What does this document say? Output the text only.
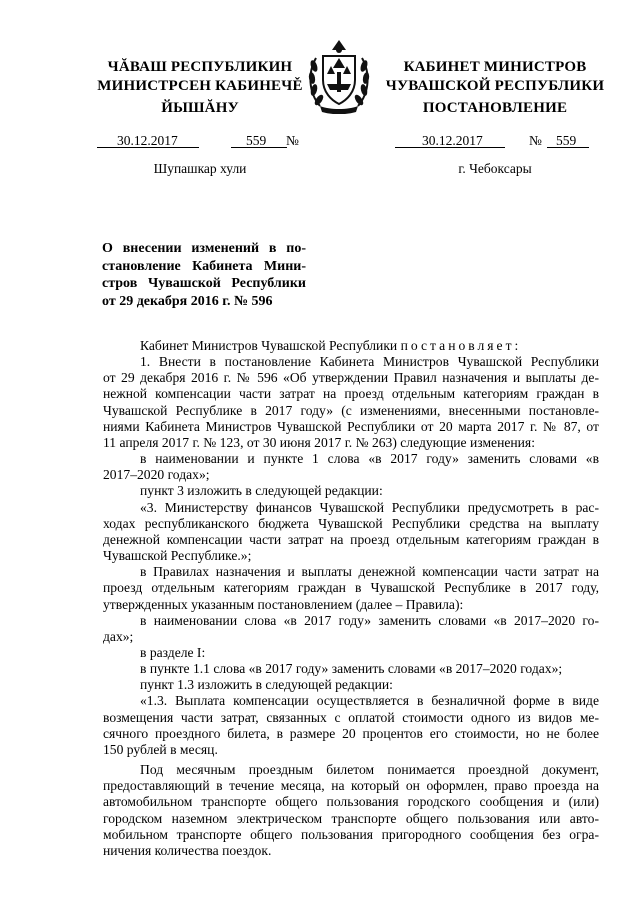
ЧĂВАШ РЕСПУБЛИКИН
МИНИСТРСЕН КАБИНЕЧĚ
ЙЫШĂНУ
КАБИНЕТ МИНИСТРОВ
ЧУВАШСКОЙ РЕСПУБЛИКИ
ПОСТАНОВЛЕНИЕ
30.12.2017	559 №	30.12.2017	№ 559
Шупашкар хули	г. Чебоксары
О внесении изменений в по-
становление Кабинета Мини-
стров Чувашской Республики
от 29 декабря 2016 г. № 596

Кабинет Министров Чувашской Республики постановляет:

1. Внести в постановление Кабинета Министров Чувашской Республики

от 29 декабря 2016 г. № 596 «Об утверждении Правил назначения и выплаты де-

нежной компенсации части затрат на проезд отдельным категориям граждан в

Чувашской Республике в 2017 году» (с изменениями, внесенными постановле-

ниями Кабинета Министров Чувашской Республики от 20 марта 2017 г. № 87, от

11 апреля 2017 г. № 123, от 30 июня 2017 г. № 263) следующие изменения:

в наименовании и пункте 1 слова «в 2017 году» заменить словами «в

2017–2020 годах»;

пункт 3 изложить в следующей редакции:

«3. Министерству финансов Чувашской Республики предусмотреть в рас-

ходах республиканского бюджета Чувашской Республики средства на выплату

денежной компенсации части затрат на проезд отдельным категориям граждан в

Чувашской Республике.»;

в Правилах назначения и выплаты денежной компенсации части затрат на

проезд отдельным категориям граждан в Чувашской Республике в 2017 году,

утвержденных указанным постановлением (далее – Правила):

в наименовании слова «в 2017 году» заменить словами «в 2017–2020 го-

дах»;

в разделе I:

в пункте 1.1 слова «в 2017 году» заменить словами «в 2017–2020 годах»;

пункт 1.3 изложить в следующей редакции:

«1.3. Выплата компенсации осуществляется в безналичной форме в виде

возмещения части затрат, связанных с оплатой стоимости одного из видов ме-

сячного проездного билета, в размере 20 процентов его стоимости, но не более

150 рублей в месяц.

Под месячным проездным билетом понимается проездной документ,

предоставляющий в течение месяца, на который он оформлен, право проезда на

автомобильном транспорте общего пользования городского сообщения и (или)

городском наземном электрическом транспорте общего пользования или авто-

мобильном транспорте общего пользования пригородного сообщения без огра-

ничения количества поездок.
